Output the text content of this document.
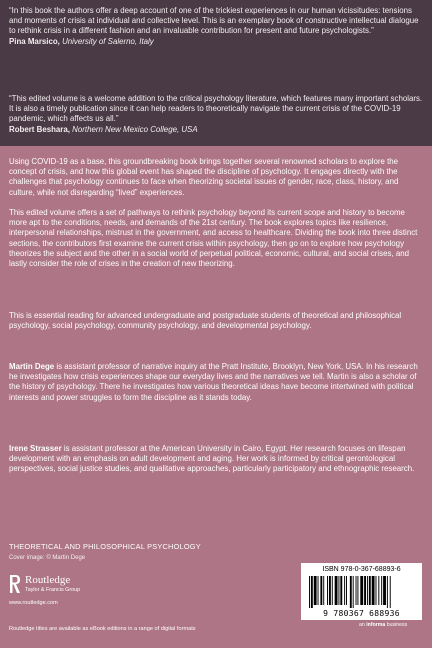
“In this book the authors offer a deep account of one of the trickiest experiences in our human vicissitudes: tensions and moments of crisis at individual and collective level. This is an exemplary book of constructive intellectual dialogue to rethink crisis in a different fashion and an invaluable contribution for present and future psychologists.”

Pina Marsico, University of Salerno, Italy

“This edited volume is a welcome addition to the critical psychology literature, which features many important scholars. It is also a timely publication since it can help readers to theoretically navigate the current crisis of the COVID-19 pandemic, which affects us all.”

Robert Beshara, Northern New Mexico College, USA

Using COVID-19 as a base, this groundbreaking book brings together several renowned scholars to explore the concept of crisis, and how this global event has shaped the discipline of psychology. It engages directly with the challenges that psychology continues to face when theorizing societal issues of gender, race, class, history, and culture, while not disregarding “lived” experiences.
This edited volume offers a set of pathways to rethink psychology beyond its current scope and history to become more apt to the conditions, needs, and demands of the 21st century. The book explores topics like resilience, interpersonal relationships, mistrust in the government, and access to healthcare. Dividing the book into three distinct sections, the contributors first examine the current crisis within psychology, then go on to explore how psychology theorizes the subject and the other in a social world of perpetual political, economic, cultural, and social crises, and lastly consider the role of crises in the creation of new theorizing.
This is essential reading for advanced undergraduate and postgraduate students of theoretical and philosophical psychology, social psychology, community psychology, and developmental psychology.
Martin Dege is assistant professor of narrative inquiry at the Pratt Institute, Brooklyn, New York, USA. In his research he investigates how crisis experiences shape our everyday lives and the narratives we tell. Martin is also a scholar of the history of psychology. There he investigates how various theoretical ideas have become intertwined with political interests and power struggles to form the discipline as it stands today.
Irene Strasser is assistant professor at the American University in Cairo, Egypt. Her research focuses on lifespan development with an emphasis on adult development and aging. Her work is informed by critical gerontological perspectives, social justice studies, and qualitative approaches, particularly participatory and ethnographic research.
THEORETICAL AND PHILOSOPHICAL PSYCHOLOGY
Cover image: © Martin Dege
Routledge
Taylor & Francis Group
www.routledge.com
Routledge titles are available as eBook editions in a range of digital formats
ISBN 978-0-367-68893-6
9 780367 688936
an informa business
